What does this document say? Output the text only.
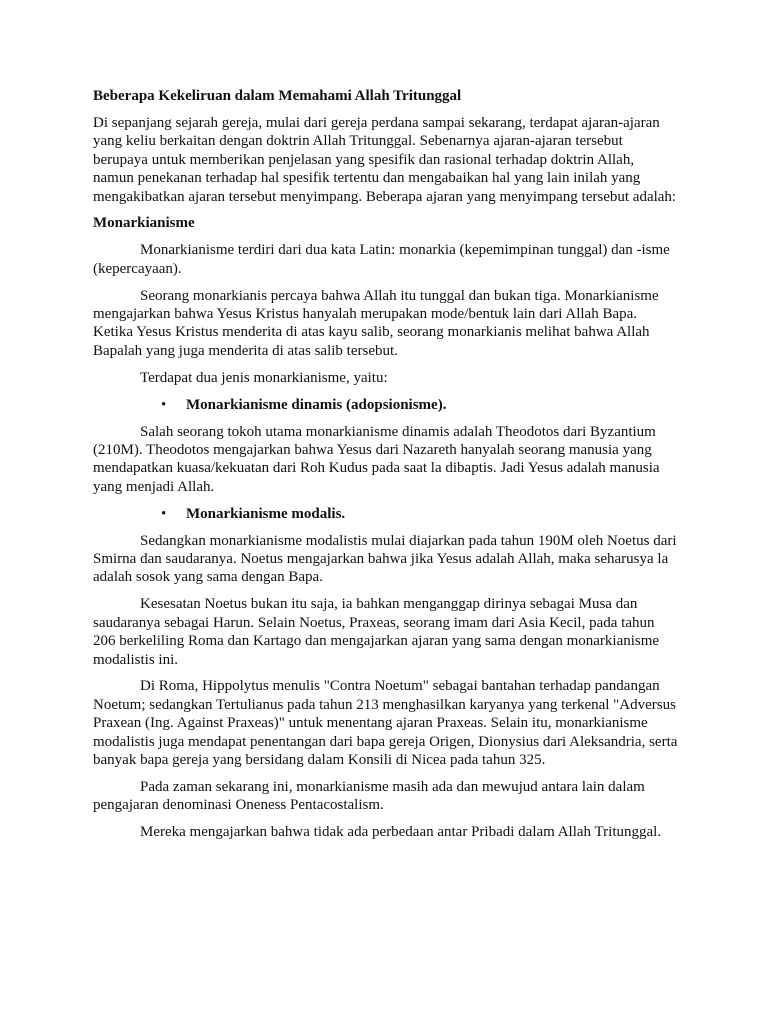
Beberapa Kekeliruan dalam Memahami Allah Tritunggal

Di sepanjang sejarah gereja, mulai dari gereja perdana sampai sekarang, terdapat ajaran-ajaran yang keliu berkaitan dengan doktrin Allah Tritunggal. Sebenarnya ajaran-ajaran tersebut berupaya untuk memberikan penjelasan yang spesifik dan rasional terhadap doktrin Allah, namun penekanan terhadap hal spesifik tertentu dan mengabaikan hal yang lain inilah yang mengakibatkan ajaran tersebut menyimpang. Beberapa ajaran yang menyimpang tersebut adalah:

Monarkianisme

Monarkianisme terdiri dari dua kata Latin: monarkia (kepemimpinan tunggal) dan -isme (kepercayaan).

Seorang monarkianis percaya bahwa Allah itu tunggal dan bukan tiga. Monarkianisme mengajarkan bahwa Yesus Kristus hanyalah merupakan mode/bentuk lain dari Allah Bapa. Ketika Yesus Kristus menderita di atas kayu salib, seorang monarkianis melihat bahwa Allah Bapalah yang juga menderita di atas salib tersebut.

Terdapat dua jenis monarkianisme, yaitu:

• Monarkianisme dinamis (adopsionisme).

Salah seorang tokoh utama monarkianisme dinamis adalah Theodotos dari Byzantium (210M). Theodotos mengajarkan bahwa Yesus dari Nazareth hanyalah seorang manusia yang mendapatkan kuasa/kekuatan dari Roh Kudus pada saat la dibaptis. Jadi Yesus adalah manusia yang menjadi Allah.

• Monarkianisme modalis.

Sedangkan monarkianisme modalistis mulai diajarkan pada tahun 190M oleh Noetus dari Smirna dan saudaranya. Noetus mengajarkan bahwa jika Yesus adalah Allah, maka seharusya la adalah sosok yang sama dengan Bapa.

Kesesatan Noetus bukan itu saja, ia bahkan menganggap dirinya sebagai Musa dan saudaranya sebagai Harun. Selain Noetus, Praxeas, seorang imam dari Asia Kecil, pada tahun 206 berkeliling Roma dan Kartago dan mengajarkan ajaran yang sama dengan monarkianisme modalistis ini.

Di Roma, Hippolytus menulis "Contra Noetum" sebagai bantahan terhadap pandangan Noetum; sedangkan Tertulianus pada tahun 213 menghasilkan karyanya yang terkenal "Adversus Praxean (Ing. Against Praxeas)" untuk menentang ajaran Praxeas. Selain itu, monarkianisme modalistis juga mendapat penentangan dari bapa gereja Origen, Dionysius dari Aleksandria, serta banyak bapa gereja yang bersidang dalam Konsili di Nicea pada tahun 325.

Pada zaman sekarang ini, monarkianisme masih ada dan mewujud antara lain dalam pengajaran denominasi Oneness Pentacostalism.

Mereka mengajarkan bahwa tidak ada perbedaan antar Pribadi dalam Allah Tritunggal.
